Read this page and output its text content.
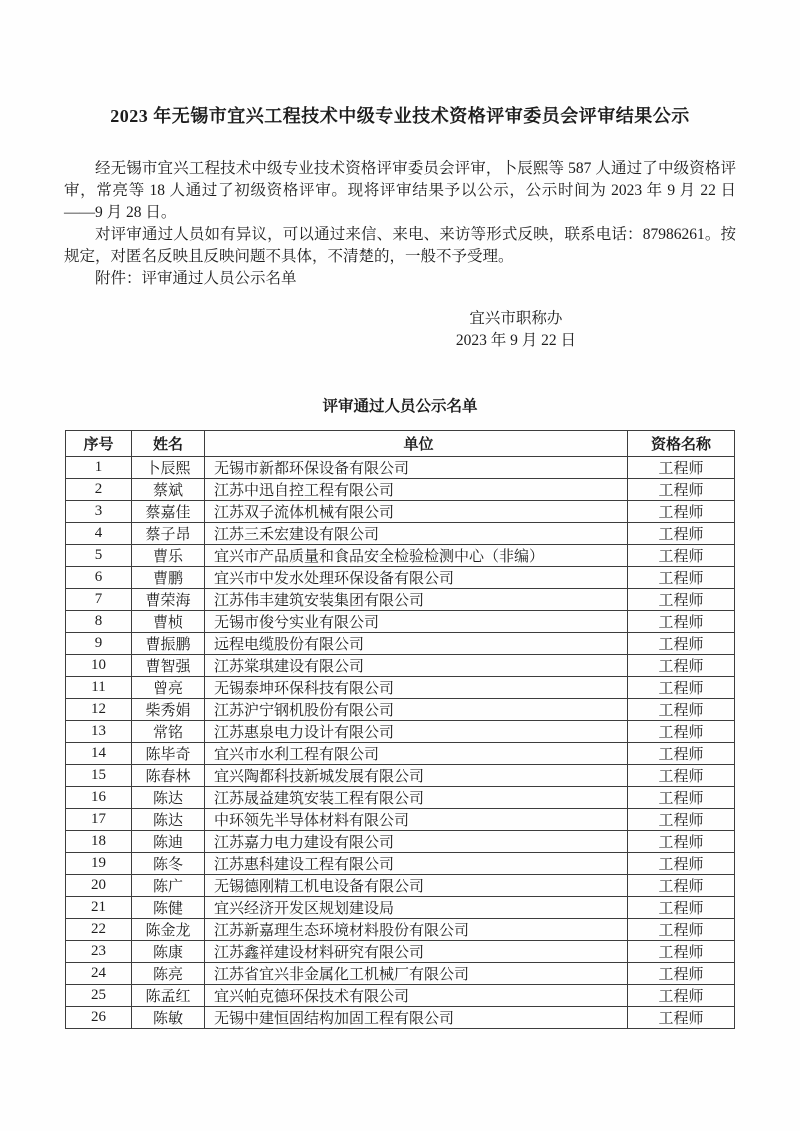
2023 年无锡市宜兴工程技术中级专业技术资格评审委员会评审结果公示

经无锡市宜兴工程技术中级专业技术资格评审委员会评审，卜辰熙等 587 人通过了中级资格评审，常亮等 18 人通过了初级资格评审。现将评审结果予以公示，公示时间为 2023 年 9 月 22 日——9 月 28 日。

对评审通过人员如有异议，可以通过来信、来电、来访等形式反映，联系电话：87986261。按规定，对匿名反映且反映问题不具体，不清楚的，一般不予受理。

附件：评审通过人员公示名单

宜兴市职称办
2023 年 9 月 22 日
评审通过人员公示名单
序号	姓名	单位	资格名称
1	卜辰熙	无锡市新都环保设备有限公司	工程师
2	蔡斌	江苏中迅自控工程有限公司	工程师
3	蔡嘉佳	江苏双子流体机械有限公司	工程师
4	蔡子昂	江苏三禾宏建设有限公司	工程师
5	曹乐	宜兴市产品质量和食品安全检验检测中心（非编）	工程师
6	曹鹏	宜兴市中发水处理环保设备有限公司	工程师
7	曹荣海	江苏伟丰建筑安装集团有限公司	工程师
8	曹桢	无锡市俊兮实业有限公司	工程师
9	曹振鹏	远程电缆股份有限公司	工程师
10	曹智强	江苏棠琪建设有限公司	工程师
11	曾亮	无锡泰坤环保科技有限公司	工程师
12	柴秀娟	江苏沪宁钢机股份有限公司	工程师
13	常铭	江苏惠泉电力设计有限公司	工程师
14	陈毕奇	宜兴市水利工程有限公司	工程师
15	陈春林	宜兴陶都科技新城发展有限公司	工程师
16	陈达	江苏晟益建筑安装工程有限公司	工程师
17	陈达	中环领先半导体材料有限公司	工程师
18	陈迪	江苏嘉力电力建设有限公司	工程师
19	陈冬	江苏惠科建设工程有限公司	工程师
20	陈广	无锡德刚精工机电设备有限公司	工程师
21	陈健	宜兴经济开发区规划建设局	工程师
22	陈金龙	江苏新嘉理生态环境材料股份有限公司	工程师
23	陈康	江苏鑫祥建设材料研究有限公司	工程师
24	陈亮	江苏省宜兴非金属化工机械厂有限公司	工程师
25	陈孟红	宜兴帕克德环保技术有限公司	工程师
26	陈敏	无锡中建恒固结构加固工程有限公司	工程师
